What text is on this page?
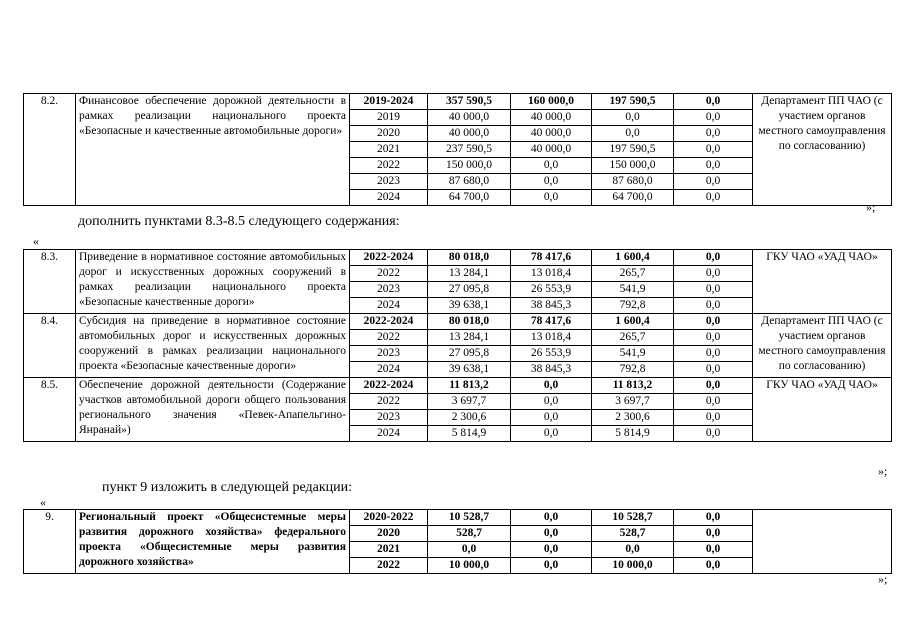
8.2.	Финансовое обеспечение дорожной деятельности в рамках реализации национального проекта «Безопасные и качественные автомобильные дороги»	2019-2024	357 590,5	160 000,0	197 590,5	0,0	Департамент ПП ЧАО (с участием органов местного самоуправления по согласованию)
		2019	40 000,0	40 000,0	0,0	0,0	
		2020	40 000,0	40 000,0	0,0	0,0	
		2021	237 590,5	40 000,0	197 590,5	0,0	
		2022	150 000,0	0,0	150 000,0	0,0	
		2023	87 680,0	0,0	87 680,0	0,0	
		2024	64 700,0	0,0	64 700,0	0,0	
»;
дополнить пунктами 8.3-8.5 следующего содержания:
«
8.3.	Приведение в нормативное состояние автомобильных дорог и искусственных дорожных сооружений в рамках реализации национального проекта «Безопасные качественные дороги»	2022-2024	80 018,0	78 417,6	1 600,4	0,0	ГКУ ЧАО «УАД ЧАО»
		2022	13 284,1	13 018,4	265,7	0,0	
		2023	27 095,8	26 553,9	541,9	0,0	
		2024	39 638,1	38 845,3	792,8	0,0	
8.4.	Субсидия на приведение в нормативное состояние автомобильных дорог и искусственных дорожных сооружений в рамках реализации национального проекта «Безопасные качественные дороги»	2022-2024	80 018,0	78 417,6	1 600,4	0,0	Департамент ПП ЧАО (с участием органов местного самоуправления по согласованию)
		2022	13 284,1	13 018,4	265,7	0,0	
		2023	27 095,8	26 553,9	541,9	0,0	
		2024	39 638,1	38 845,3	792,8	0,0	
8.5.	Обеспечение дорожной деятельности (Содержание участков автомобильной дороги общего пользования регионального значения «Певек-Апапельгино-Янранай»)	2022-2024	11 813,2	0,0	11 813,2	0,0	ГКУ ЧАО «УАД ЧАО»
		2022	3 697,7	0,0	3 697,7	0,0	
		2023	2 300,6	0,0	2 300,6	0,0	
		2024	5 814,9	0,0	5 814,9	0,0	
»;
пункт 9 изложить в следующей редакции:
«
9.	Региональный проект «Общесистемные меры развития дорожного хозяйства» федерального проекта «Общесистемные меры развития дорожного хозяйства»	2020-2022	10 528,7	0,0	10 528,7	0,0	
		2020	528,7	0,0	528,7	0,0	
		2021	0,0	0,0	0,0	0,0	
		2022	10 000,0	0,0	10 000,0	0,0	
»;
